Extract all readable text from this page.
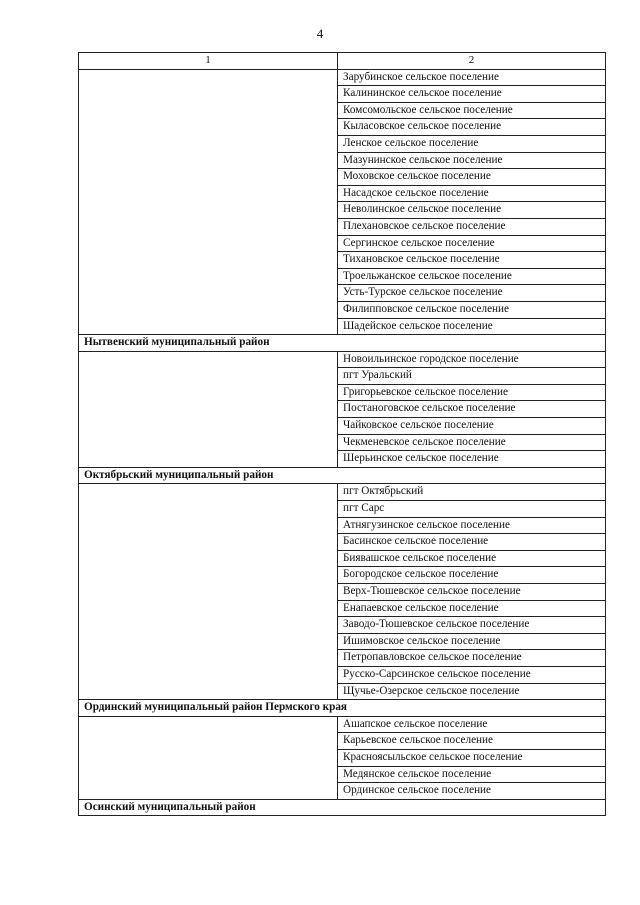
4
1	2
	Зарубинское сельское поселение
	Калининское сельское поселение
	Комсомольское сельское поселение
	Кыласовское сельское поселение
	Ленское сельское поселение
	Мазунинское сельское поселение
	Моховское сельское поселение
	Насадское сельское поселение
	Неволинское сельское поселение
	Плехановское сельское поселение
	Сергинское сельское поселение
	Тихановское сельское поселение
	Троельжанское сельское поселение
	Усть-Турское сельское поселение
	Филипповское сельское поселение
	Шадейское сельское поселение
Нытвенский муниципальный район	
	Новоильинское городское поселение
	пгт Уральский
	Григорьевское сельское поселение
	Постаноговское сельское поселение
	Чайковское сельское поселение
	Чекменевское сельское поселение
	Шерьинское сельское поселение
Октябрьский муниципальный район	
	пгт Октябрьский
	пгт Сарс
	Атнягузинское сельское поселение
	Басинское сельское поселение
	Биявашское сельское поселение
	Богородское сельское поселение
	Верх-Тюшевское сельское поселение
	Енапаевское сельское поселение
	Заводо-Тюшевское сельское поселение
	Ишимовское сельское поселение
	Петропавловское сельское поселение
	Русско-Сарсинское сельское поселение
	Щучье-Озерское сельское поселение
Ординский муниципальный район Пермского края	
	Ашапское сельское поселение
	Карьевское сельское поселение
	Красноясыльское сельское поселение
	Медянское сельское поселение
	Ординское сельское поселение
Осинский муниципальный район	
